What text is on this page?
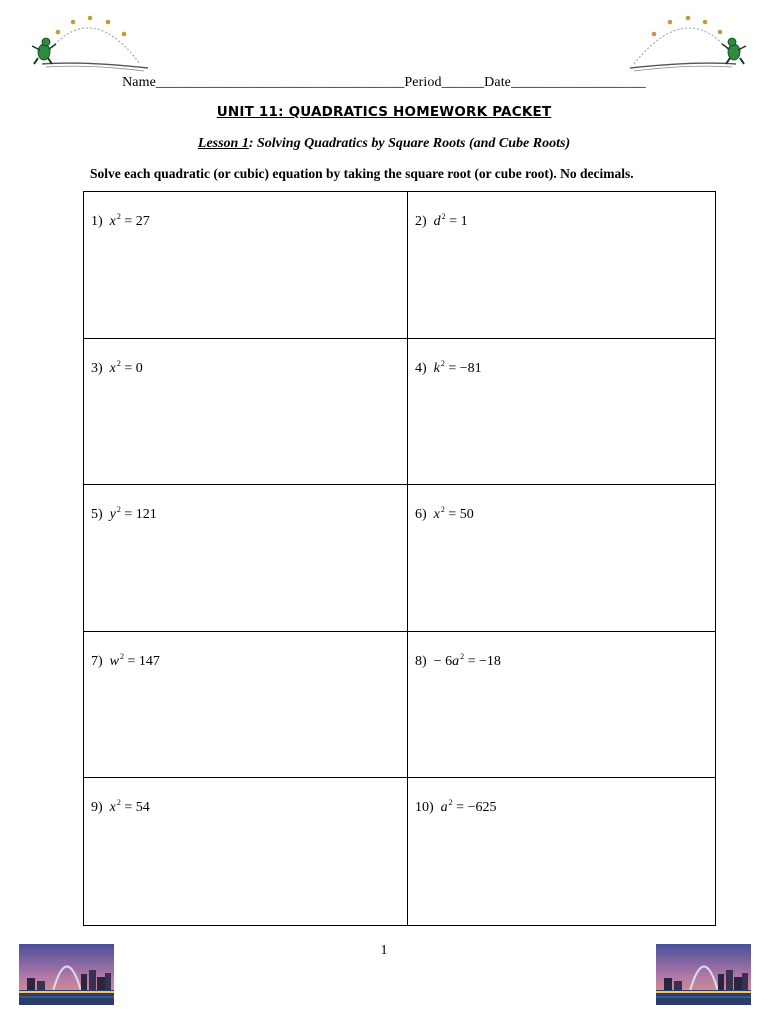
Name___________________________________Period______Date___________________
UNIT 11: QUADRATICS HOMEWORK PACKET
Lesson 1: Solving Quadratics by Square Roots (and Cube Roots)
Solve each quadratic (or cubic) equation by taking the square root (or cube root). No decimals.
1) $x^2 = 27$	2) $d^2 = 1$
3) $x^2 = 0$	4) $k^2 = -81$
5) $y^2 = 121$	6) $x^2 = 50$
7) $w^2 = 147$	$8) - 6a^2 = -18$
9) $x^2 = 54$	10) $a^2 = -625$
1
